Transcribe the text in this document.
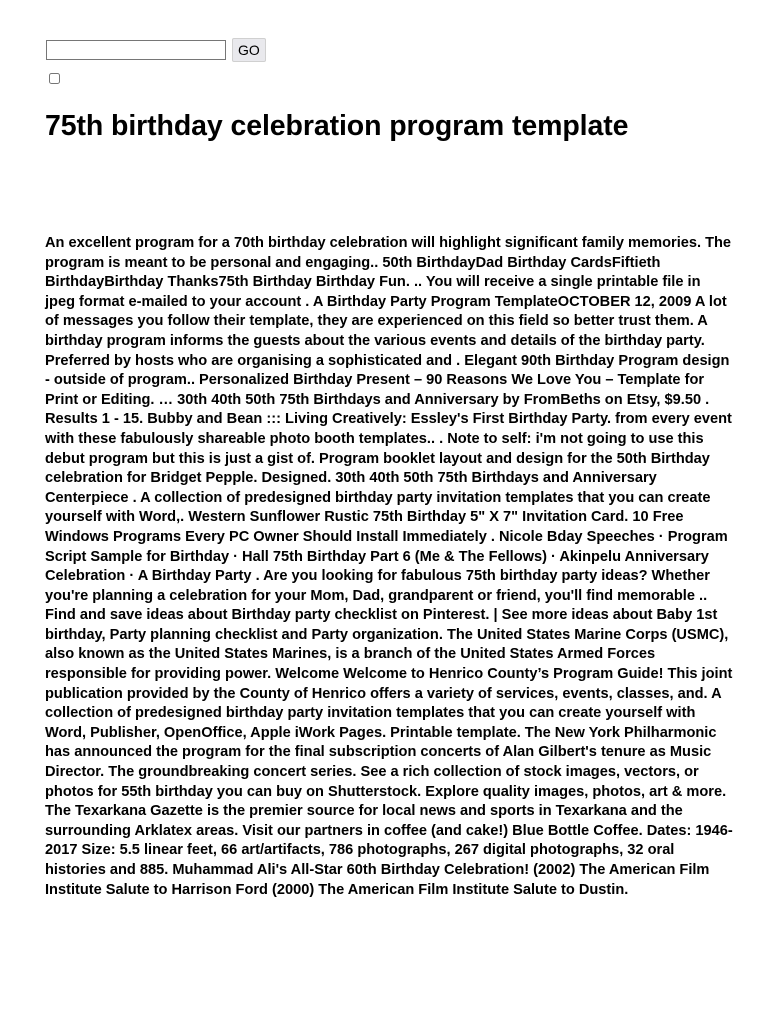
GO
75th birthday celebration program template

An excellent program for a 70th birthday celebration will highlight significant family memories. The program is meant to be personal and engaging.. 50th BirthdayDad Birthday CardsFiftieth BirthdayBirthday Thanks75th Birthday Birthday Fun. .. You will receive a single printable file in jpeg format e-mailed to your account . A Birthday Party Program TemplateOCTOBER 12, 2009 A lot of messages you follow their template, they are experienced on this field so better trust them. A birthday program informs the guests about the various events and details of the birthday party. Preferred by hosts who are organising a sophisticated and . Elegant 90th Birthday Program design - outside of program.. Personalized Birthday Present – 90 Reasons We Love You – Template for Print or Editing. … 30th 40th 50th 75th Birthdays and Anniversary by FromBeths on Etsy, $9.50 . Results 1 - 15. Bubby and Bean ::: Living Creatively: Essley's First Birthday Party. from every event with these fabulously shareable photo booth templates.. . Note to self: i'm not going to use this debut program but this is just a gist of. Program booklet layout and design for the 50th Birthday celebration for Bridget Pepple. Designed. 30th 40th 50th 75th Birthdays and Anniversary Centerpiece . A collection of predesigned birthday party invitation templates that you can create yourself with Word,. Western Sunflower Rustic 75th Birthday 5" X 7" Invitation Card. 10 Free Windows Programs Every PC Owner Should Install Immediately . Nicole Bday Speeches · Program Script Sample for Birthday · Hall 75th Birthday Part 6 (Me & The Fellows) · Akinpelu Anniversary Celebration · A Birthday Party . Are you looking for fabulous 75th birthday party ideas? Whether you're planning a celebration for your Mom, Dad, grandparent or friend, you'll find memorable .. Find and save ideas about Birthday party checklist on Pinterest. | See more ideas about Baby 1st birthday, Party planning checklist and Party organization. The United States Marine Corps (USMC), also known as the United States Marines, is a branch of the United States Armed Forces responsible for providing power. Welcome Welcome to Henrico County’s Program Guide! This joint publication provided by the County of Henrico offers a variety of services, events, classes, and. A collection of predesigned birthday party invitation templates that you can create yourself with Word, Publisher, OpenOffice, Apple iWork Pages. Printable template. The New York Philharmonic has announced the program for the final subscription concerts of Alan Gilbert's tenure as Music Director. The groundbreaking concert series. See a rich collection of stock images, vectors, or photos for 55th birthday you can buy on Shutterstock. Explore quality images, photos, art & more. The Texarkana Gazette is the premier source for local news and sports in Texarkana and the surrounding Arklatex areas. Visit our partners in coffee (and cake!) Blue Bottle Coffee. Dates: 1946-2017 Size: 5.5 linear feet, 66 art/artifacts, 786 photographs, 267 digital photographs, 32 oral histories and 885. Muhammad Ali's All-Star 60th Birthday Celebration! (2002) The American Film Institute Salute to Harrison Ford (2000) The American Film Institute Salute to Dustin.
